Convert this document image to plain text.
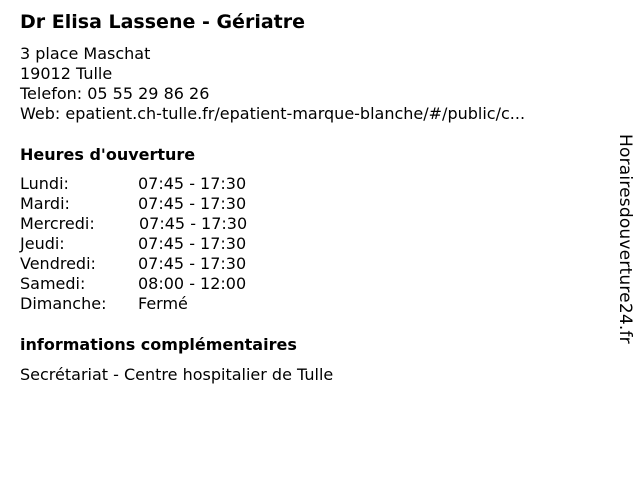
Dr Elisa Lassene - Gériatre
3 place Maschat
19012 Tulle
Telefon: 05 55 29 86 26
Web: epatient.ch-tulle.fr/epatient-marque-blanche/#/public/c...
Heures d'ouverture
Lundi:	07:45 - 17:30
Mardi:	07:45 - 17:30
Mercredi:	07:45 - 17:30
Jeudi:	07:45 - 17:30
Vendredi:	07:45 - 17:30
Samedi:	08:00 - 12:00
Dimanche: Fermé
informations complémentaires
Secrétariat - Centre hospitalier de Tulle
Horairesdouverture24.fr
